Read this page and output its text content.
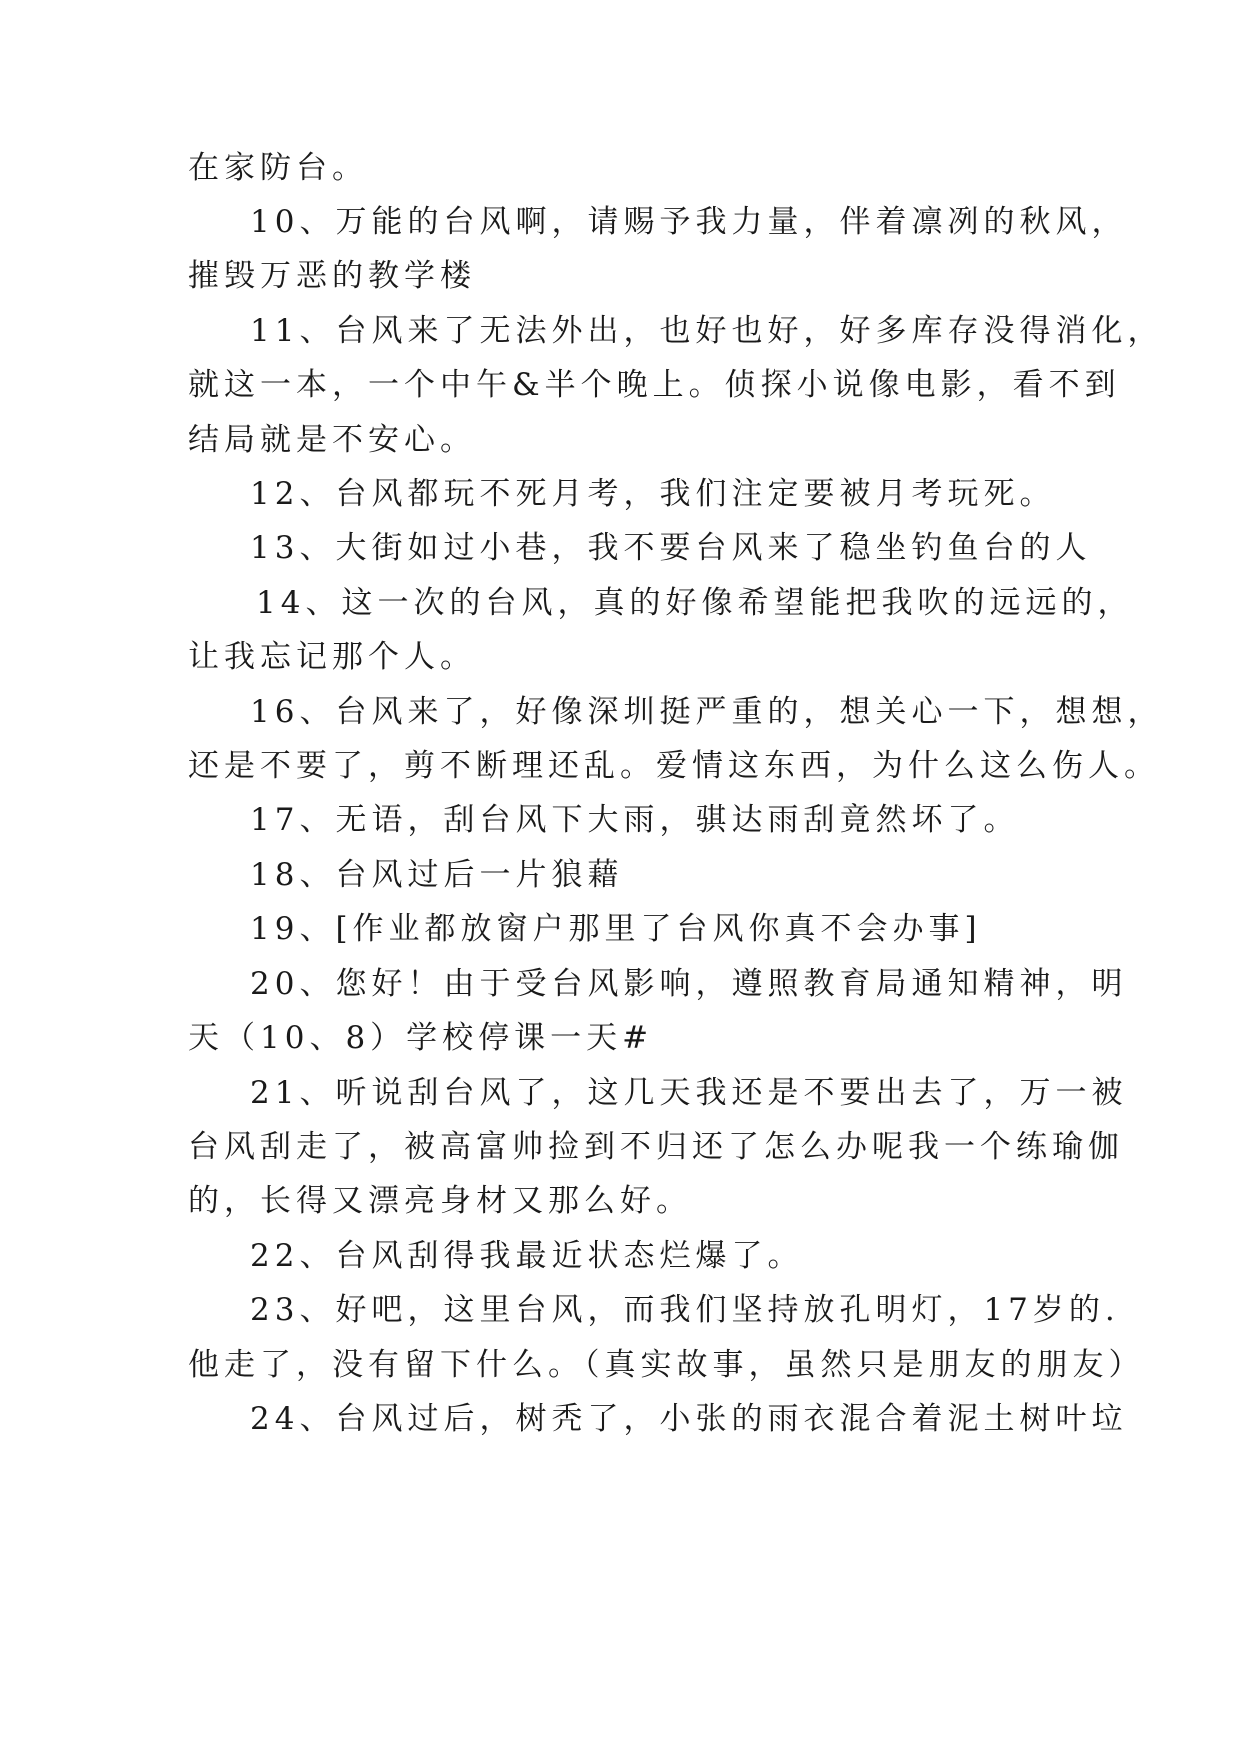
在家防台。
10、万能的台风啊，请赐予我力量，伴着凛冽的秋风，
摧毁万恶的教学楼
11、台风来了无法外出，也好也好，好多库存没得消化，
就这一本，一个中午&半个晚上。侦探小说像电影，看不到
结局就是不安心。
12、台风都玩不死月考，我们注定要被月考玩死。
13、大街如过小巷，我不要台风来了稳坐钓鱼台的人
14、这一次的台风，真的好像希望能把我吹的远远的，
让我忘记那个人。
16、台风来了，好像深圳挺严重的，想关心一下，想想，
还是不要了，剪不断理还乱。爱情这东西，为什么这么伤人。
17、无语，刮台风下大雨，骐达雨刮竟然坏了。
18、台风过后一片狼藉
19、[作业都放窗户那里了台风你真不会办事]
20、您好！由于受台风影响，遵照教育局通知精神，明
天（10、8）学校停课一天#
21、听说刮台风了，这几天我还是不要出去了，万一被
台风刮走了，被高富帅捡到不归还了怎么办呢我一个练瑜伽
的，长得又漂亮身材又那么好。
22、台风刮得我最近状态烂爆了。
23、好吧，这里台风，而我们坚持放孔明灯，17岁的.
他走了，没有留下什么。（真实故事，虽然只是朋友的朋友）
24、台风过后，树秃了，小张的雨衣混合着泥土树叶垃
